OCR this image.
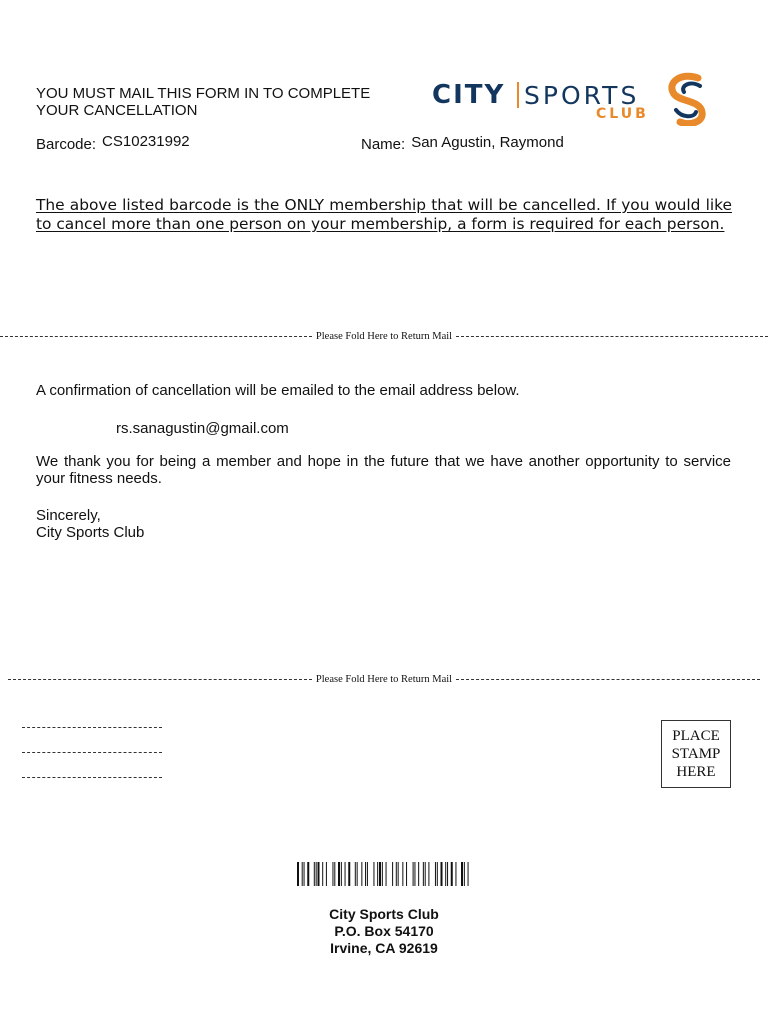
YOU MUST MAIL THIS FORM IN TO COMPLETE
YOUR CANCELLATION
CITY SPORTS
CLUB
Barcode: CS10231992	Name: San Agustin, Raymond
The above listed barcode is the ONLY membership that will be cancelled. If you would like to cancel more than one person on your membership, a form is required for each person.
Please Fold Here to Return Mail
A confirmation of cancellation will be emailed to the email address below.
rs.sanagustin@gmail.com
We thank you for being a member and hope in the future that we have another opportunity to service your fitness needs.
Sincerely,
City Sports Club
Please Fold Here to Return Mail
PLACE
STAMP
HERE
City Sports Club
P.O. Box 54170
Irvine, CA 92619
